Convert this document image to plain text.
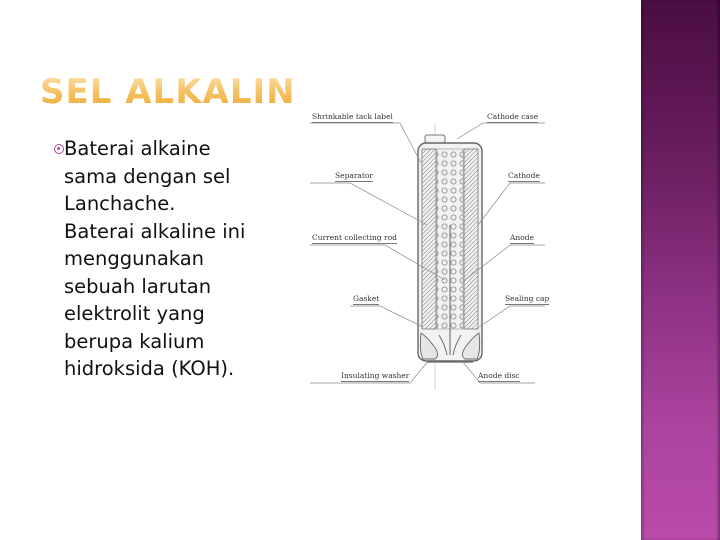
SEL ALKALIN
Baterai alkaine
sama dengan sel
Lanchache.
Baterai alkaline ini
menggunakan
sebuah larutan
elektrolit yang
berupa kalium
hidroksida (KOH).
Shrinkable tack label	Cathode case
Separator	Cathode
Current collecting rod	Anode
Gasket	Sealing cap
Insulating washer	Anode disc
